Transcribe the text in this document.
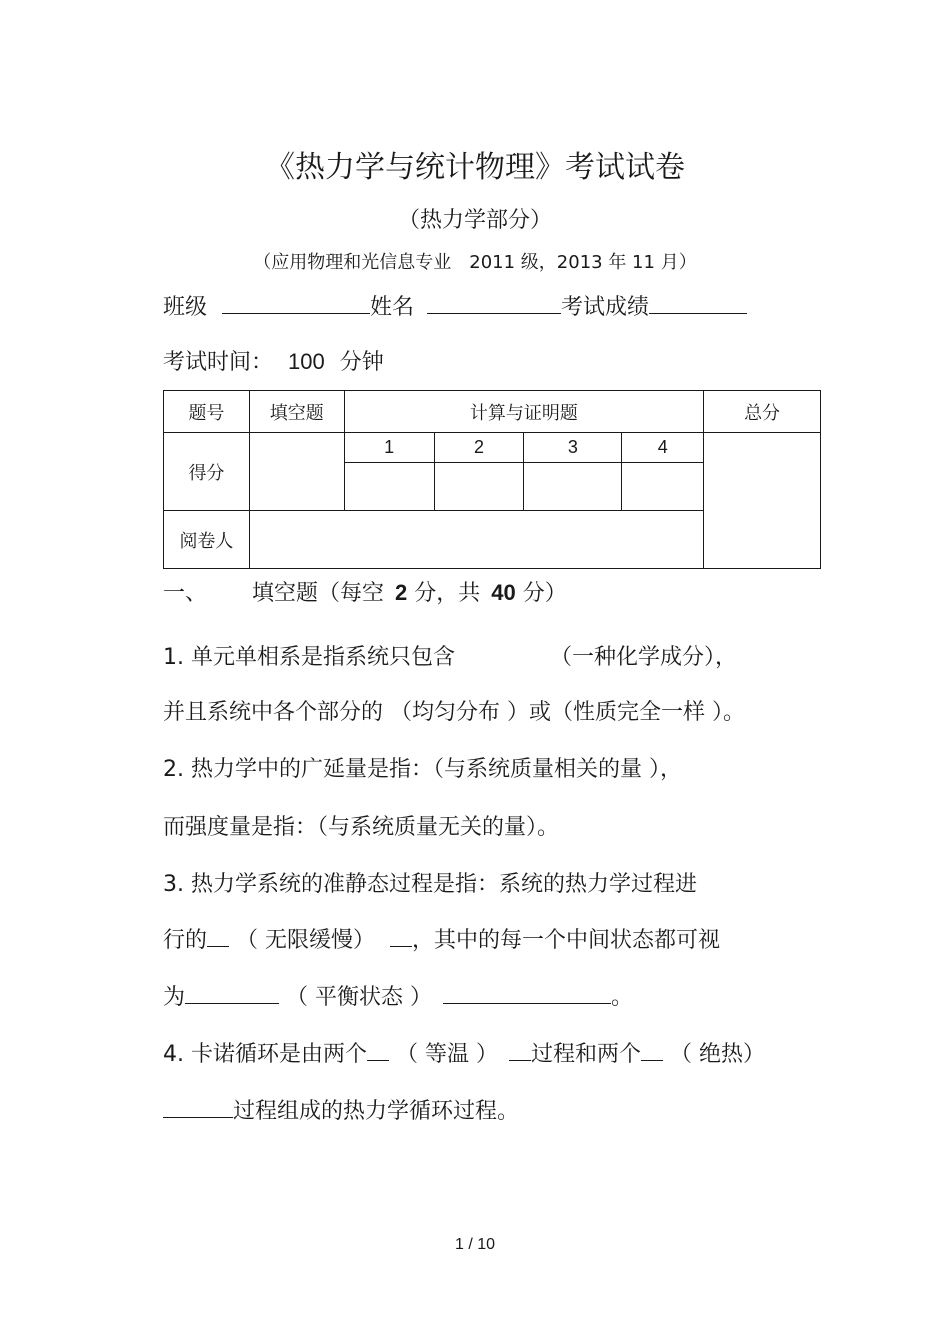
《热力学与统计物理》考试试卷
（热力学部分）
（应用物理和光信息专业　2011 级，2013 年 11 月）
班级	姓名	考试成绩
考试时间： 100 分钟
题号	填空题	计算与证明题				总分
得分		1	2	3	4	

阅卷人						
一、 填空题（每空 2 分，共 40 分）
1. 单元单相系是指系统只包含	（一种化学成分），
并且系统中各个部分的 （均匀分布 ）或（性质完全一样 ）。
2. 热力学中的广延量是指：（与系统质量相关的量 ），
而强度量是指：（与系统质量无关的量）。
3. 热力学系统的准静态过程是指：系统的热力学过程进
行的 （ 无限缓慢） ，其中的每一个中间状态都可视
为	（ 平衡状态 ）	。
4. 卡诺循环是由两个 （ 等温 ） 过程和两个 （ 绝热）
过程组成的热力学循环过程。
1 / 10
